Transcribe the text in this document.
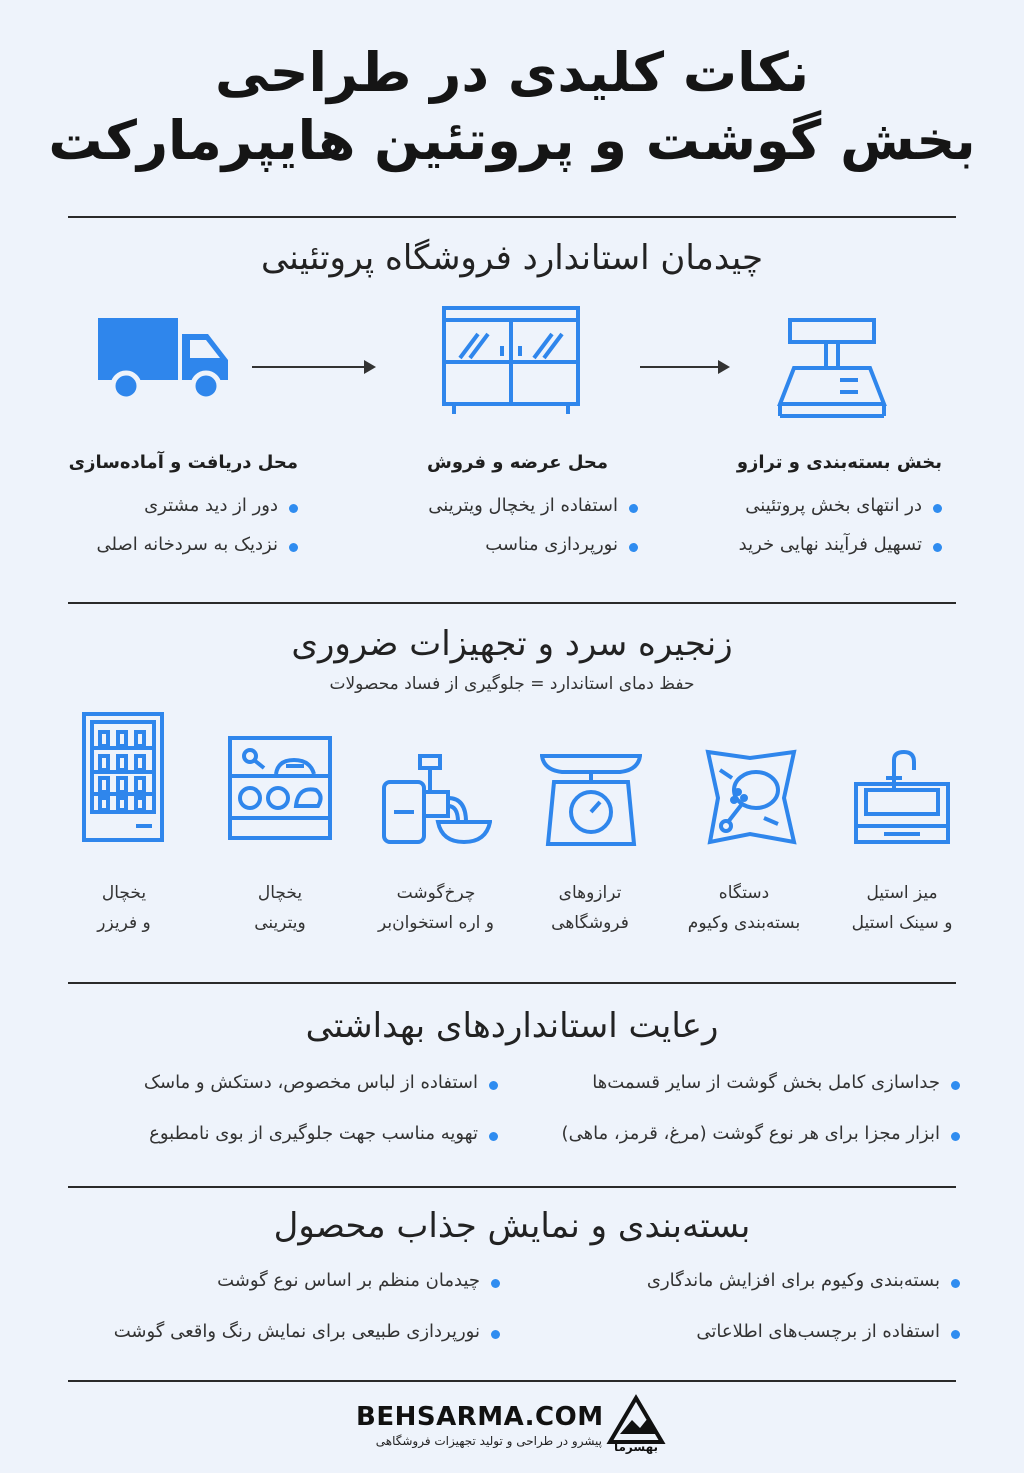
نکات کلیدی در طراحی
بخش گوشت و پروتئین هایپرمارکت
چیدمان استاندارد فروشگاه پروتئینی
بخش بسته‌بندی و ترازو
در انتهای بخش پروتئینی
تسهیل فرآیند نهایی خرید
محل عرضه و فروش
استفاده از یخچال ویترینی
نورپردازی مناسب
محل دریافت و آماده‌سازی
دور از دید مشتری
نزدیک به سردخانه اصلی
زنجیره سرد و تجهیزات ضروری
حفظ دمای استاندارد = جلوگیری از فساد محصولات
میز استیل
و سینک استیل
دستگاه
بسته‌بندی وکیوم
ترازوهای
فروشگاهی
چرخ‌گوشت
و اره استخوان‌بر
یخچال
ویترینی
یخچال
و فریزر
رعایت استانداردهای بهداشتی
جداسازی کامل بخش گوشت از سایر قسمت‌ها
ابزار مجزا برای هر نوع گوشت (مرغ، قرمز، ماهی)
استفاده از لباس مخصوص، دستکش و ماسک
تهویه مناسب جهت جلوگیری از بوی نامطبوع
بسته‌بندی و نمایش جذاب محصول
بسته‌بندی وکیوم برای افزایش ماندگاری
استفاده از برچسب‌های اطلاعاتی
چیدمان منظم بر اساس نوع گوشت
نورپردازی طبیعی برای نمایش رنگ واقعی گوشت
BEHSARMA.COM
پیشرو در طراحی و تولید تجهیزات فروشگاهی بهسرما
